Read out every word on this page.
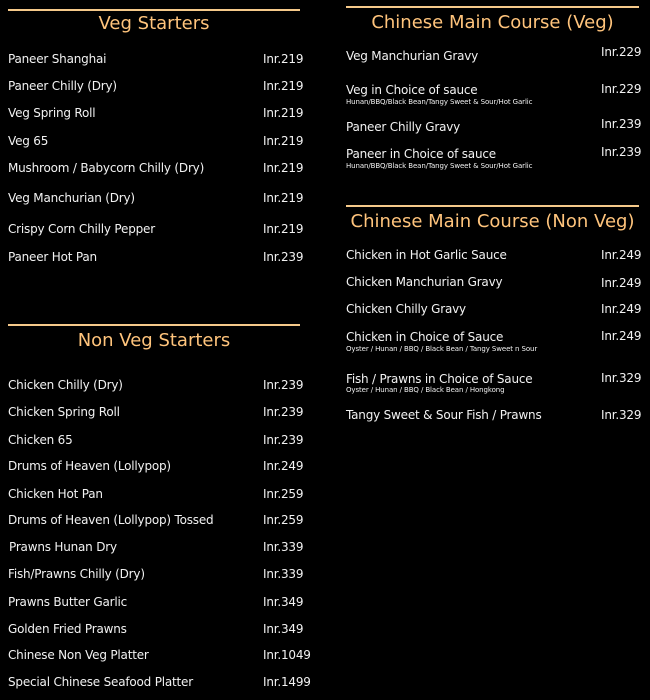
Veg Starters
Paneer Shanghai	Inr.219
Paneer Chilly (Dry)	Inr.219
Veg Spring Roll	Inr.219
Veg 65	Inr.219
Mushroom / Babycorn Chilly (Dry)	Inr.219
Veg Manchurian (Dry)	Inr.219
Crispy Corn Chilly Pepper	Inr.219
Paneer Hot Pan	Inr.239
Non Veg Starters
Chicken Chilly (Dry)	Inr.239
Chicken Spring Roll	Inr.239
Chicken 65	Inr.239
Drums of Heaven (Lollypop)	Inr.249
Chicken Hot Pan	Inr.259
Drums of Heaven (Lollypop) Tossed	Inr.259
Prawns Hunan Dry	Inr.339
Fish/Prawns Chilly (Dry)	Inr.339
Prawns Butter Garlic	Inr.349
Golden Fried Prawns	Inr.349
Chinese Non Veg Platter	Inr.1049
Special Chinese Seafood Platter	Inr.1499
Chinese Main Course (Veg)
Veg Manchurian Gravy	Inr.229
Veg in Choice of sauce
Hunan/BBQ/Black Bean/Tangy Sweet & Sour/Hot Garlic
Inr.229
Paneer Chilly Gravy	Inr.239
Paneer in Choice of sauce
Hunan/BBQ/Black Bean/Tangy Sweet & Sour/Hot Garlic
Inr.239
Chinese Main Course (Non Veg)
Chicken in Hot Garlic Sauce	Inr.249
Chicken Manchurian Gravy	Inr.249
Chicken Chilly Gravy	Inr.249
Chicken in Choice of Sauce
Oyster / Hunan / BBQ / Black Bean / Tangy Sweet n Sour
Inr.249
Fish / Prawns in Choice of Sauce
Oyster / Hunan / BBQ / Black Bean / Hongkong
Inr.329
Tangy Sweet & Sour Fish / Prawns	Inr.329
